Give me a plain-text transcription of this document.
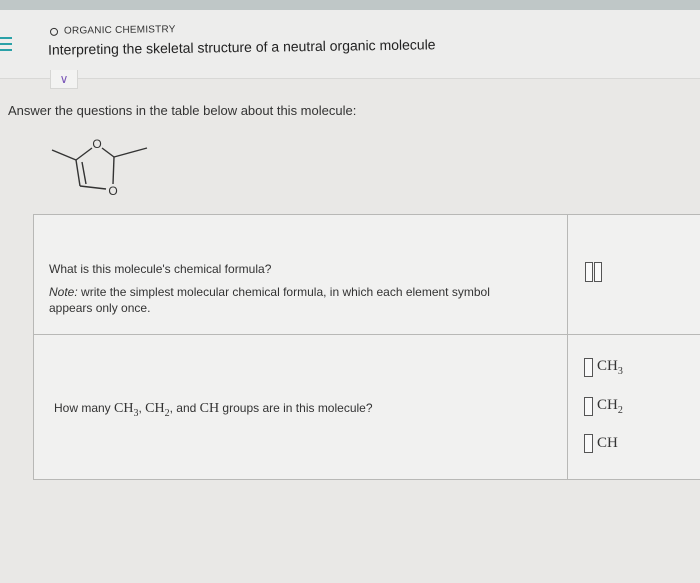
ORGANIC CHEMISTRY
Interpreting the skeletal structure of a neutral organic molecule
∨
Answer the questions in the table below about this molecule:
O
O
What is this molecule's chemical formula?
Note: write the simplest molecular chemical formula, in which each element symbol appears only once.
How many $CH_3$, $CH_2$, and CH groups are in this molecule?
$CH_3$
$CH_2$
CH
